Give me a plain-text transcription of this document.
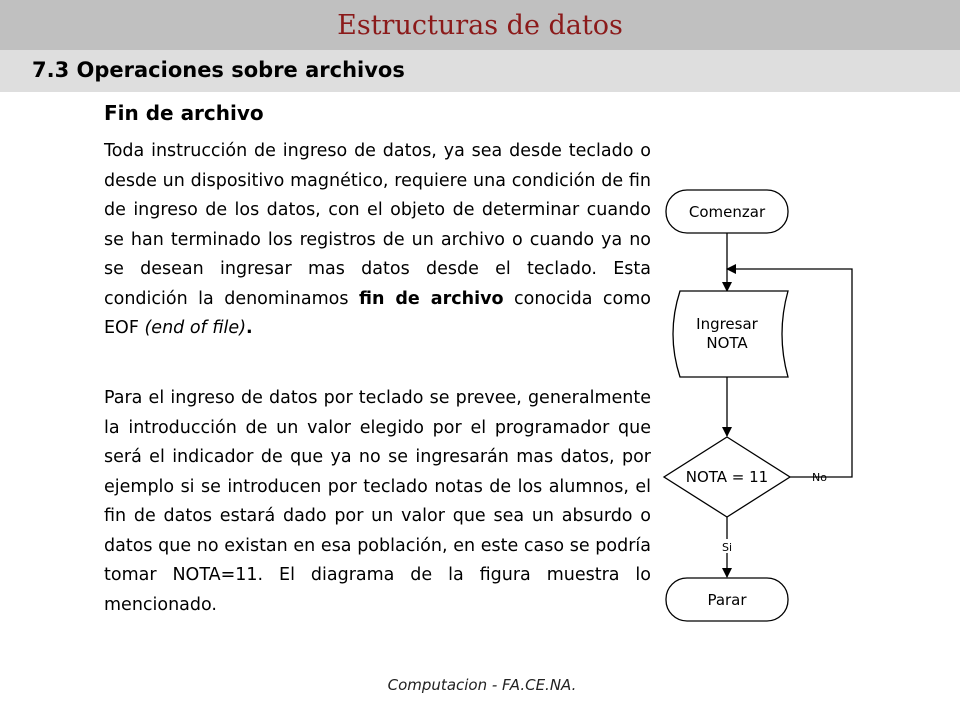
Estructuras de datos
7.3 Operaciones sobre archivos
Fin de archivo

Toda instrucción de ingreso de datos, ya sea desde teclado o desde un dispositivo magnético, requiere una condición de fin de ingreso de los datos, con el objeto de determinar cuando se han terminado los registros de un archivo o cuando ya no se desean ingresar mas datos desde el teclado. Esta condición la denominamos fin de archivo conocida como EOF (end of file).

Para el ingreso de datos por teclado se prevee, generalmente la introducción de un valor elegido por el programador que será el indicador de que ya no se ingresarán mas datos, por ejemplo si se introducen por teclado notas de los alumnos, el fin de datos estará dado por un valor que sea un absurdo o datos que no existan en esa población, en este caso se podría tomar NOTA=11. El diagrama de la figura muestra lo mencionado.

Comenzar
Ingresar
NOTA
NOTA = 11	No
Si
Parar
Computacion - FA.CE.NA.
